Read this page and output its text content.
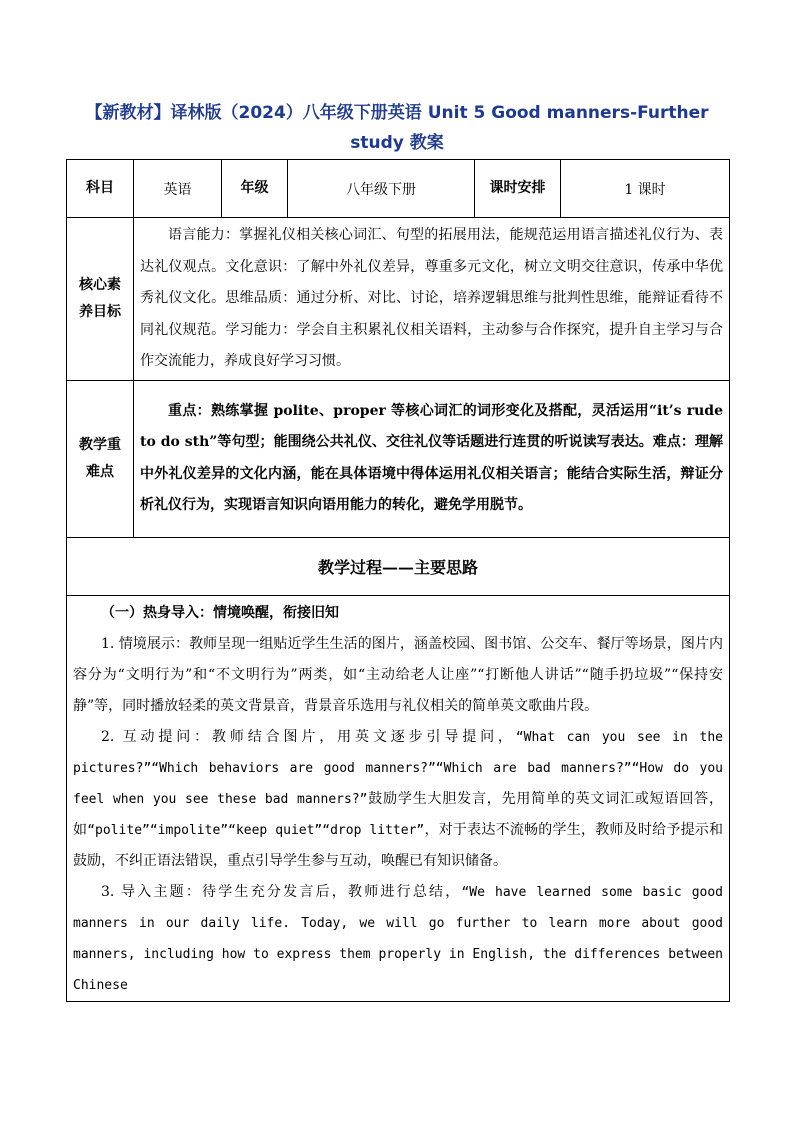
【新教材】译林版（2024）八年级下册英语 Unit 5 Good manners-Further
study 教案
科目	英语	年级	八年级下册	课时安排	1 课时

核心素
养目标	语言能力：掌握礼仪相关核心词汇、句型的拓展用法，能规范运用语言描述礼仪行为、表达礼仪观点。文化意识：了解中外礼仪差异，尊重多元文化，树立文明交往意识，传承中华优秀礼仪文化。思维品质：通过分析、对比、讨论，培养逻辑思维与批判性思维，能辩证看待不同礼仪规范。学习能力：学会自主积累礼仪相关语料，主动参与合作探究，提升自主学习与合作交流能力，养成良好学习习惯。				

教学重
难点	重点：熟练掌握 polite、proper 等核心词汇的词形变化及搭配，灵活运用“it’s rude to do sth”等句型；能围绕公共礼仪、交往礼仪等话题进行连贯的听说读写表达。难点：理解中外礼仪差异的文化内涵，能在具体语境中得体运用礼仪相关语言；能结合实际生活，辩证分析礼仪行为，实现语言知识向语用能力的转化，避免学用脱节。				

教学过程——主要思路					

（一）热身导入：情境唤醒，衔接旧知

1. 情境展示：教师呈现一组贴近学生生活的图片，涵盖校园、图书馆、公交车、餐厅等场景，图片内容分为“文明行为”和“不文明行为”两类，如“主动给老人让座”“打断他人讲话”“随手扔垃圾”“保持安静”等，同时播放轻柔的英文背景音，背景音乐选用与礼仪相关的简单英文歌曲片段。

2. 互动提问：教师结合图片，用英文逐步引导提问，“What can you see in the pictures?”“Which behaviors are good manners?”“Which are bad manners?”“How do you feel when you see these bad manners?”鼓励学生大胆发言，先用简单的英文词汇或短语回答，如“polite”“impolite”“keep quiet”“drop litter”，对于表达不流畅的学生，教师及时给予提示和鼓励，不纠正语法错误，重点引导学生参与互动，唤醒已有知识储备。

3. 导入主题：待学生充分发言后，教师进行总结，“We have learned some basic good manners in our daily life. Today, we will go further to learn more about good manners, including how to express them properly in English, the differences between Chinese					
